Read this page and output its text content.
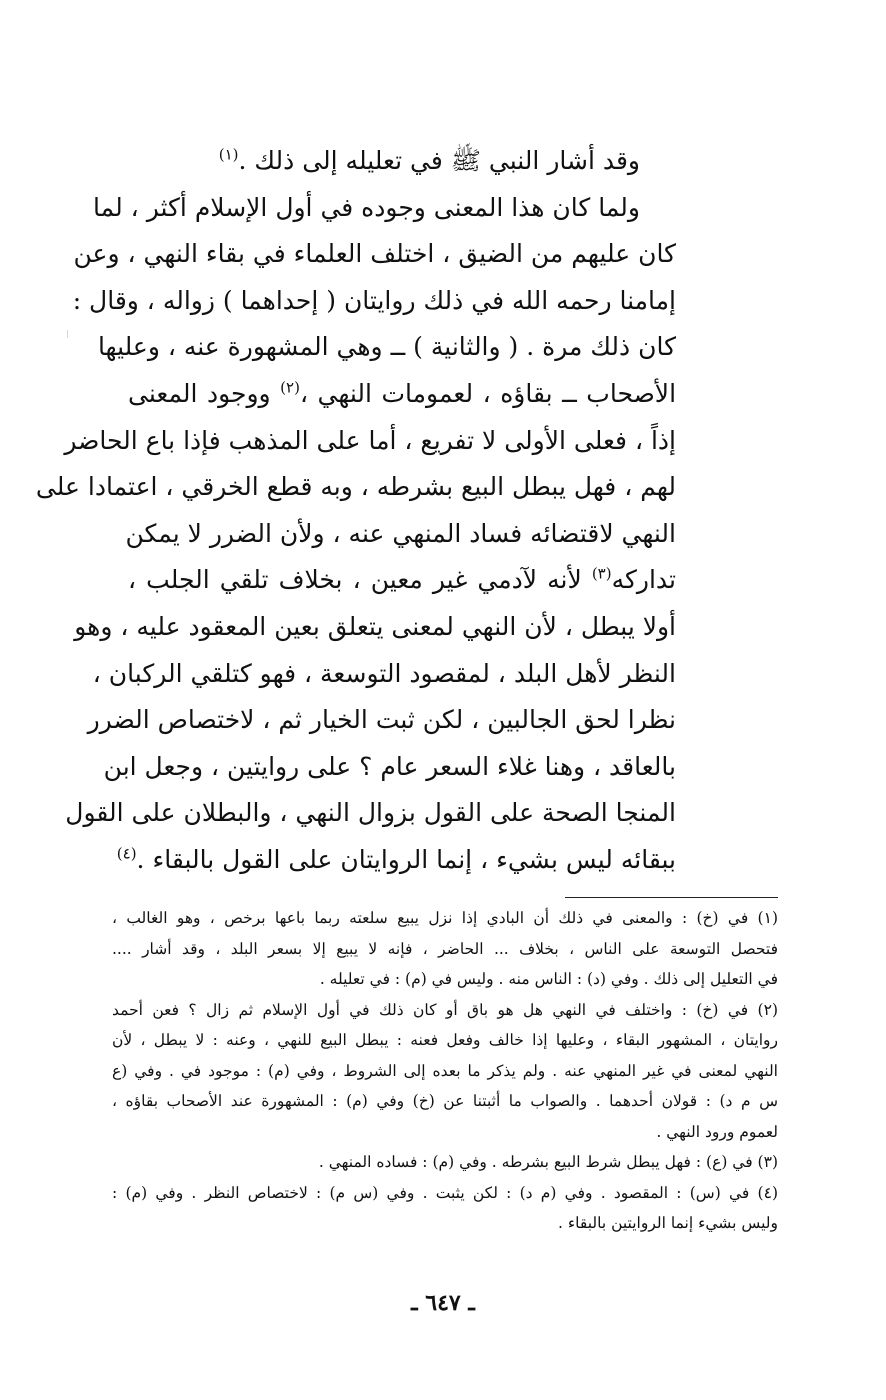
وقد أشار النبي ﷺ في تعليله إلى ذلك .$^{(١)}$
ولما كان هذا المعنى وجوده في أول الإسلام أكثر ، لما
كان عليهم من الضيق ، اختلف العلماء في بقاء النهي ، وعن
إمامنا رحمه الله في ذلك روايتان ( إحداهما ) زواله ، وقال :
كان ذلك مرة . ( والثانية ) ــ وهي المشهورة عنه ، وعليها
الأصحاب ــ بقاؤه ، لعمومات النهي ،$^{(٢)}$ ووجود المعنى
إذاً ، فعلى الأولى لا تفريع ، أما على المذهب فإذا باع الحاضر
لهم ، فهل يبطل البيع بشرطه ، وبه قطع الخرقي ، اعتمادا على
النهي لاقتضائه فساد المنهي عنه ، ولأن الضرر لا يمكن
تداركه$^{(٣)}$ لأنه لآدمي غير معين ، بخلاف تلقي الجلب ،
أولا يبطل ، لأن النهي لمعنى يتعلق بعين المعقود عليه ، وهو
النظر لأهل البلد ، لمقصود التوسعة ، فهو كتلقي الركبان ،
نظرا لحق الجالبين ، لكن ثبت الخيار ثم ، لاختصاص الضرر
بالعاقد ، وهنا غلاء السعر عام ؟ على روايتين ، وجعل ابن
المنجا الصحة على القول بزوال النهي ، والبطلان على القول
ببقائه ليس بشيء ، إنما الروايتان على القول بالبقاء .$^{(٤)}$
(١) في (خ) : والمعنى في ذلك أن البادي إذا نزل يبيع سلعته ربما باعها برخص ، وهو الغالب ،
فتحصل التوسعة على الناس ، بخلاف ... الحاضر ، فإنه لا يبيع إلا بسعر البلد ، وقد أشار ....
في التعليل إلى ذلك . وفي (د) : الناس منه . وليس في (م) : في تعليله .
(٢) في (خ) : واختلف في النهي هل هو باق أو كان ذلك في أول الإسلام ثم زال ؟ فعن أحمد
روايتان ، المشهور البقاء ، وعليها إذا خالف وفعل فعنه : يبطل البيع للنهي ، وعنه : لا يبطل ، لأن
النهي لمعنى في غير المنهي عنه . ولم يذكر ما بعده إلى الشروط ، وفي (م) : موجود في . وفي (ع
س م د) : قولان أحدهما . والصواب ما أثبتنا عن (خ) وفي (م) : المشهورة عند الأصحاب بقاؤه ،
لعموم ورود النهي .
(٣) في (ع) : فهل يبطل شرط البيع بشرطه . وفي (م) : فساده المنهي .
(٤) في (س) : المقصود . وفي (م د) : لكن يثبت . وفي (س م) : لاختصاص النظر . وفي (م) :
وليس بشيء إنما الروايتين بالبقاء .
ـ ٦٤٧ ـ
